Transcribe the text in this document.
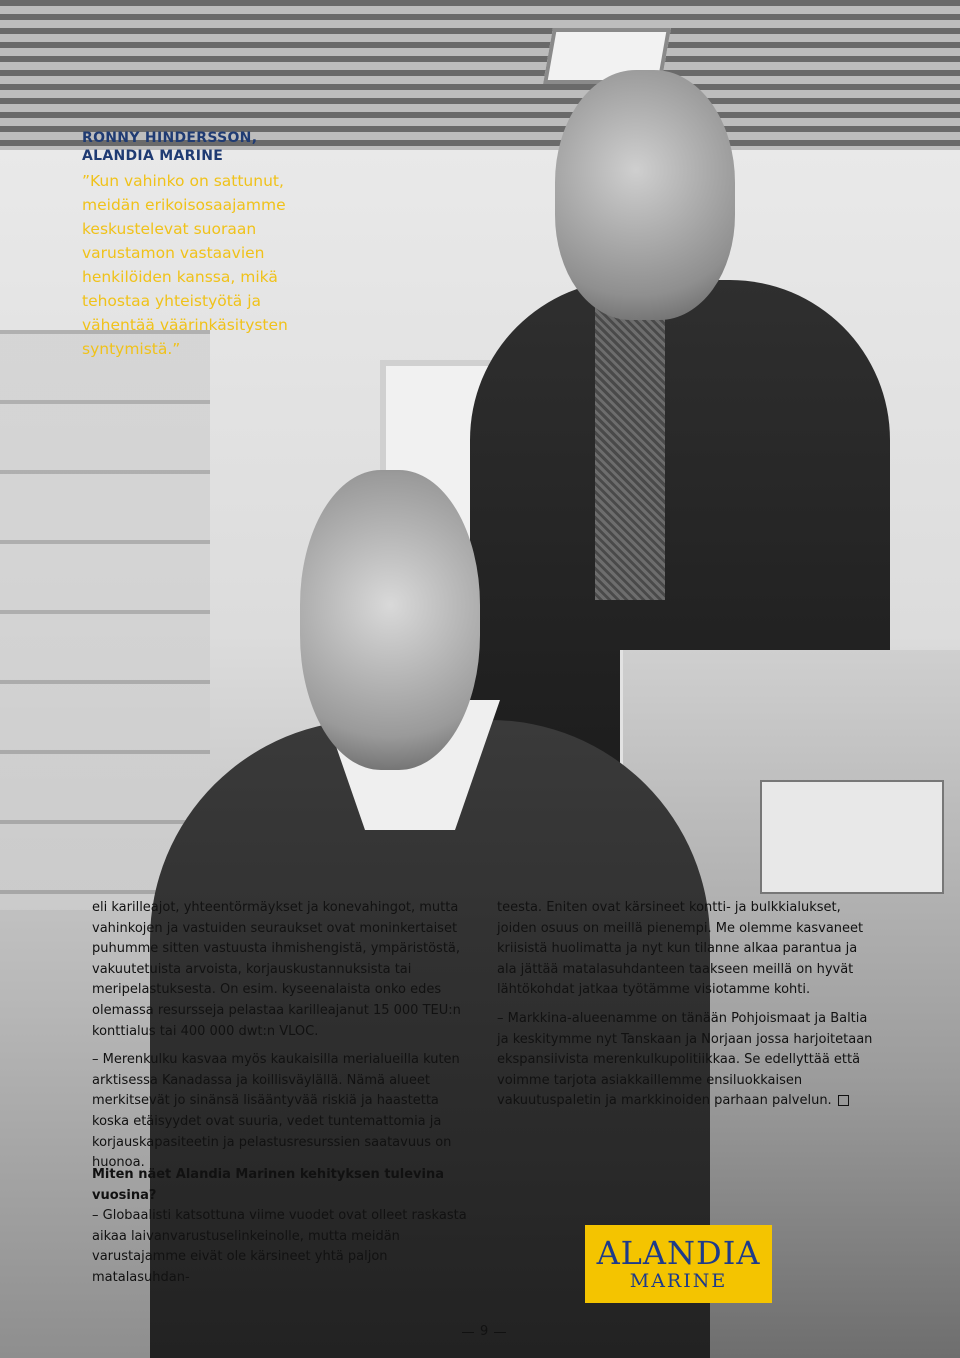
RONNY HINDERSSON,
ALANDIA MARINE

”Kun vahinko on sattunut, meidän erikoisosaajamme keskustelevat suoraan varustamon vastaavien henkilöiden kanssa, mikä tehostaa yhteistyötä ja vähentää väärinkäsitysten syntymistä.”

eli karilleajot, yhteentörmäykset ja konevahingot, mutta vahinkojen ja vastuiden seuraukset ovat moninkertaiset puhumme sitten vastuusta ihmishengistä, ympäristöstä, vakuutetuista arvoista, korjauskustannuksista tai meripelastuksesta. On esim. kyseenalaista onko edes olemassa resursseja pelastaa karilleajanut 15 000 TEU:n konttialus tai 400 000 dwt:n VLOC.

– Merenkulku kasvaa myös kaukaisilla merialueilla kuten arktisessa Kanadassa ja koillisväylällä. Nämä alueet merkitsevät jo sinänsä lisääntyvää riskiä ja haastetta koska etäisyydet ovat suuria, vedet tuntemattomia ja korjauskapasiteetin ja pelastusresurssien saatavuus on huonoa.

Miten näet Alandia Marinen kehityksen tulevina vuosina?

– Globaalisti katsottuna viime vuodet ovat olleet raskasta aikaa laivanvarustuselinkeinolle, mutta meidän varustajamme eivät ole kärsineet yhtä paljon matalasuhdan-

teesta. Eniten ovat kärsineet kontti- ja bulkkialukset, joiden osuus on meillä pienempi. Me olemme kasvaneet kriisistä huolimatta ja nyt kun tilanne alkaa parantua ja ala jättää matalasuhdanteen taakseen meillä on hyvät lähtökohdat jatkaa työtämme visiotamme kohti.

– Markkina-alueenamme on tänään Pohjoismaat ja Baltia ja keskitymme nyt Tanskaan ja Norjaan jossa harjoitetaan ekspansiivista merenkulkupolitiikkaa. Se edellyttää että voimme tarjota asiakkaillemme ensiluokkaisen vakuutuspaletin ja markkinoiden parhaan palvelun.

ALANDIA
MARINE
9
